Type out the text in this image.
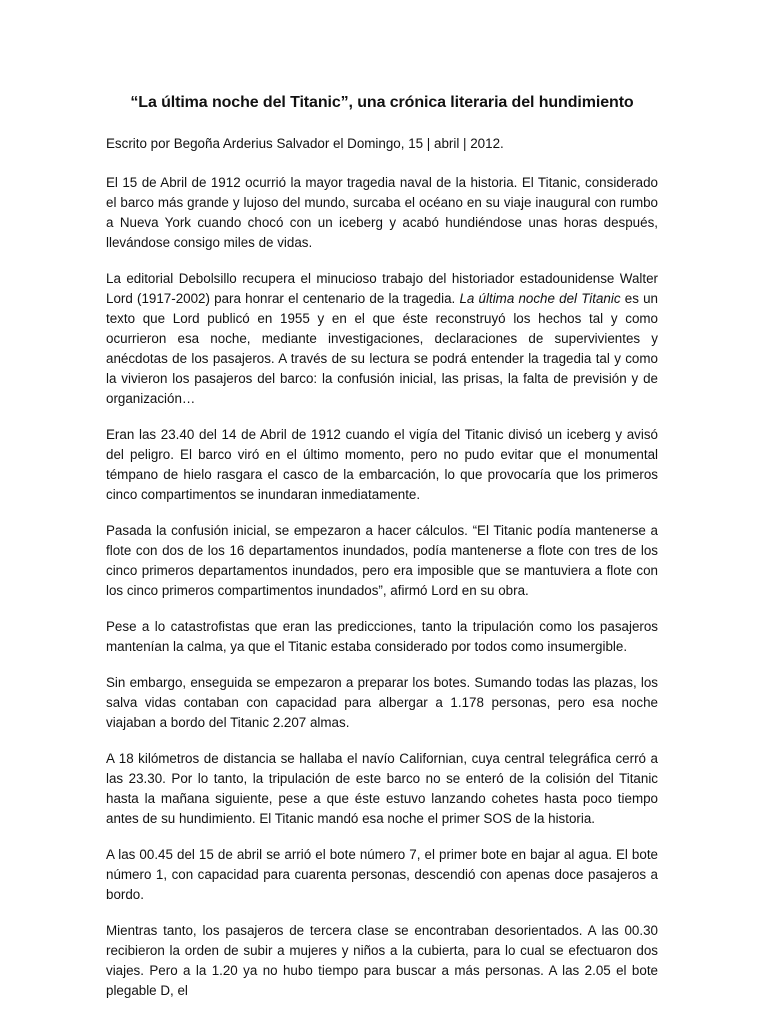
“La última noche del Titanic”, una crónica literaria del hundimiento

Escrito por Begoña Arderius Salvador el Domingo, 15 | abril | 2012.

El 15 de Abril de 1912 ocurrió la mayor tragedia naval de la historia. El Titanic, considerado el barco más grande y lujoso del mundo, surcaba el océano en su viaje inaugural con rumbo a Nueva York cuando chocó con un iceberg y acabó hundiéndose unas horas después, llevándose consigo miles de vidas.

La editorial Debolsillo recupera el minucioso trabajo del historiador estadounidense Walter Lord (1917-2002) para honrar el centenario de la tragedia. La última noche del Titanic es un texto que Lord publicó en 1955 y en el que éste reconstruyó los hechos tal y como ocurrieron esa noche, mediante investigaciones, declaraciones de supervivientes y anécdotas de los pasajeros. A través de su lectura se podrá entender la tragedia tal y como la vivieron los pasajeros del barco: la confusión inicial, las prisas, la falta de previsión y de organización…

Eran las 23.40 del 14 de Abril de 1912 cuando el vigía del Titanic divisó un iceberg y avisó del peligro. El barco viró en el último momento, pero no pudo evitar que el monumental témpano de hielo rasgara el casco de la embarcación, lo que provocaría que los primeros cinco compartimentos se inundaran inmediatamente.

Pasada la confusión inicial, se empezaron a hacer cálculos. “El Titanic podía mantenerse a flote con dos de los 16 departamentos inundados, podía mantenerse a flote con tres de los cinco primeros departamentos inundados, pero era imposible que se mantuviera a flote con los cinco primeros compartimentos inundados”, afirmó Lord en su obra.

Pese a lo catastrofistas que eran las predicciones, tanto la tripulación como los pasajeros mantenían la calma, ya que el Titanic estaba considerado por todos como insumergible.

Sin embargo, enseguida se empezaron a preparar los botes. Sumando todas las plazas, los salva vidas contaban con capacidad para albergar a 1.178 personas, pero esa noche viajaban a bordo del Titanic 2.207 almas.

A 18 kilómetros de distancia se hallaba el navío Californian, cuya central telegráfica cerró a las 23.30. Por lo tanto, la tripulación de este barco no se enteró de la colisión del Titanic hasta la mañana siguiente, pese a que éste estuvo lanzando cohetes hasta poco tiempo antes de su hundimiento. El Titanic mandó esa noche el primer SOS de la historia.

A las 00.45 del 15 de abril se arrió el bote número 7, el primer bote en bajar al agua. El bote número 1, con capacidad para cuarenta personas, descendió con apenas doce pasajeros a bordo.

Mientras tanto, los pasajeros de tercera clase se encontraban desorientados. A las 00.30 recibieron la orden de subir a mujeres y niños a la cubierta, para lo cual se efectuaron dos viajes. Pero a la 1.20 ya no hubo tiempo para buscar a más personas. A las 2.05 el bote plegable D, el
